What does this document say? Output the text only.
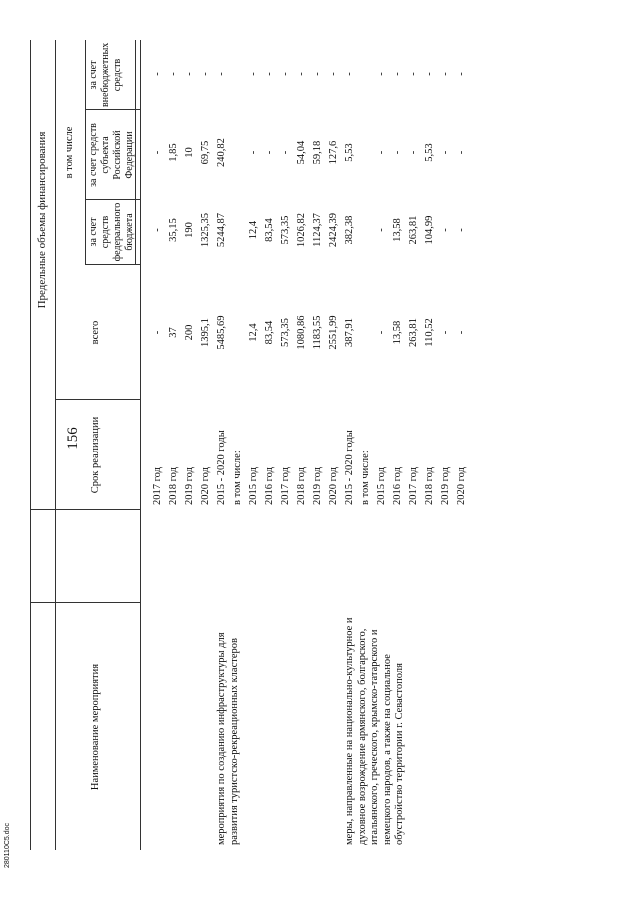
156
280110С5.doc
Наименование мероприятия
Срок реализации
Предельные объемы финансирования
всего
в том числе
за счет средств федерального бюджета
за счет средств субъекта Российской Федерации
за счет внебюджетных средств
2017 год
-
-
-
-
2018 год
37
35,15
1,85
-
2019 год
200
190
10
-
2020 год
1395,1
1325,35
69,75
-
мероприятия по созданию инфраструктуры для развития туристско-рекреационных кластеров
2015 - 2020 годы
5485,69
5244,87
240,82
-
в том числе: 2015 год
12,4
12,4
-
-
2016 год
83,54
83,54
-
-
2017 год
573,35
573,35
-
-
2018 год
1080,86
1026,82
54,04
-
2019 год
1183,55
1124,37
59,18
-
2020 год
2551,99
2424,39
127,6
-
меры, направленные на национально-культурное и духовное возрождение армянского, болгарского, итальянского, греческого, крымско-татарского и немецкого народов, а также на социальное обустройство территории г. Севастополя
2015 - 2020 годы
387,91
382,38
5,53
-
в том числе: 2015 год
-
-
-
-
2016 год
13,58
13,58
-
-
2017 год
263,81
263,81
-
-
2018 год
110,52
104,99
5,53
-
2019 год
-
-
-
-
2020 год
-
-
-
-
